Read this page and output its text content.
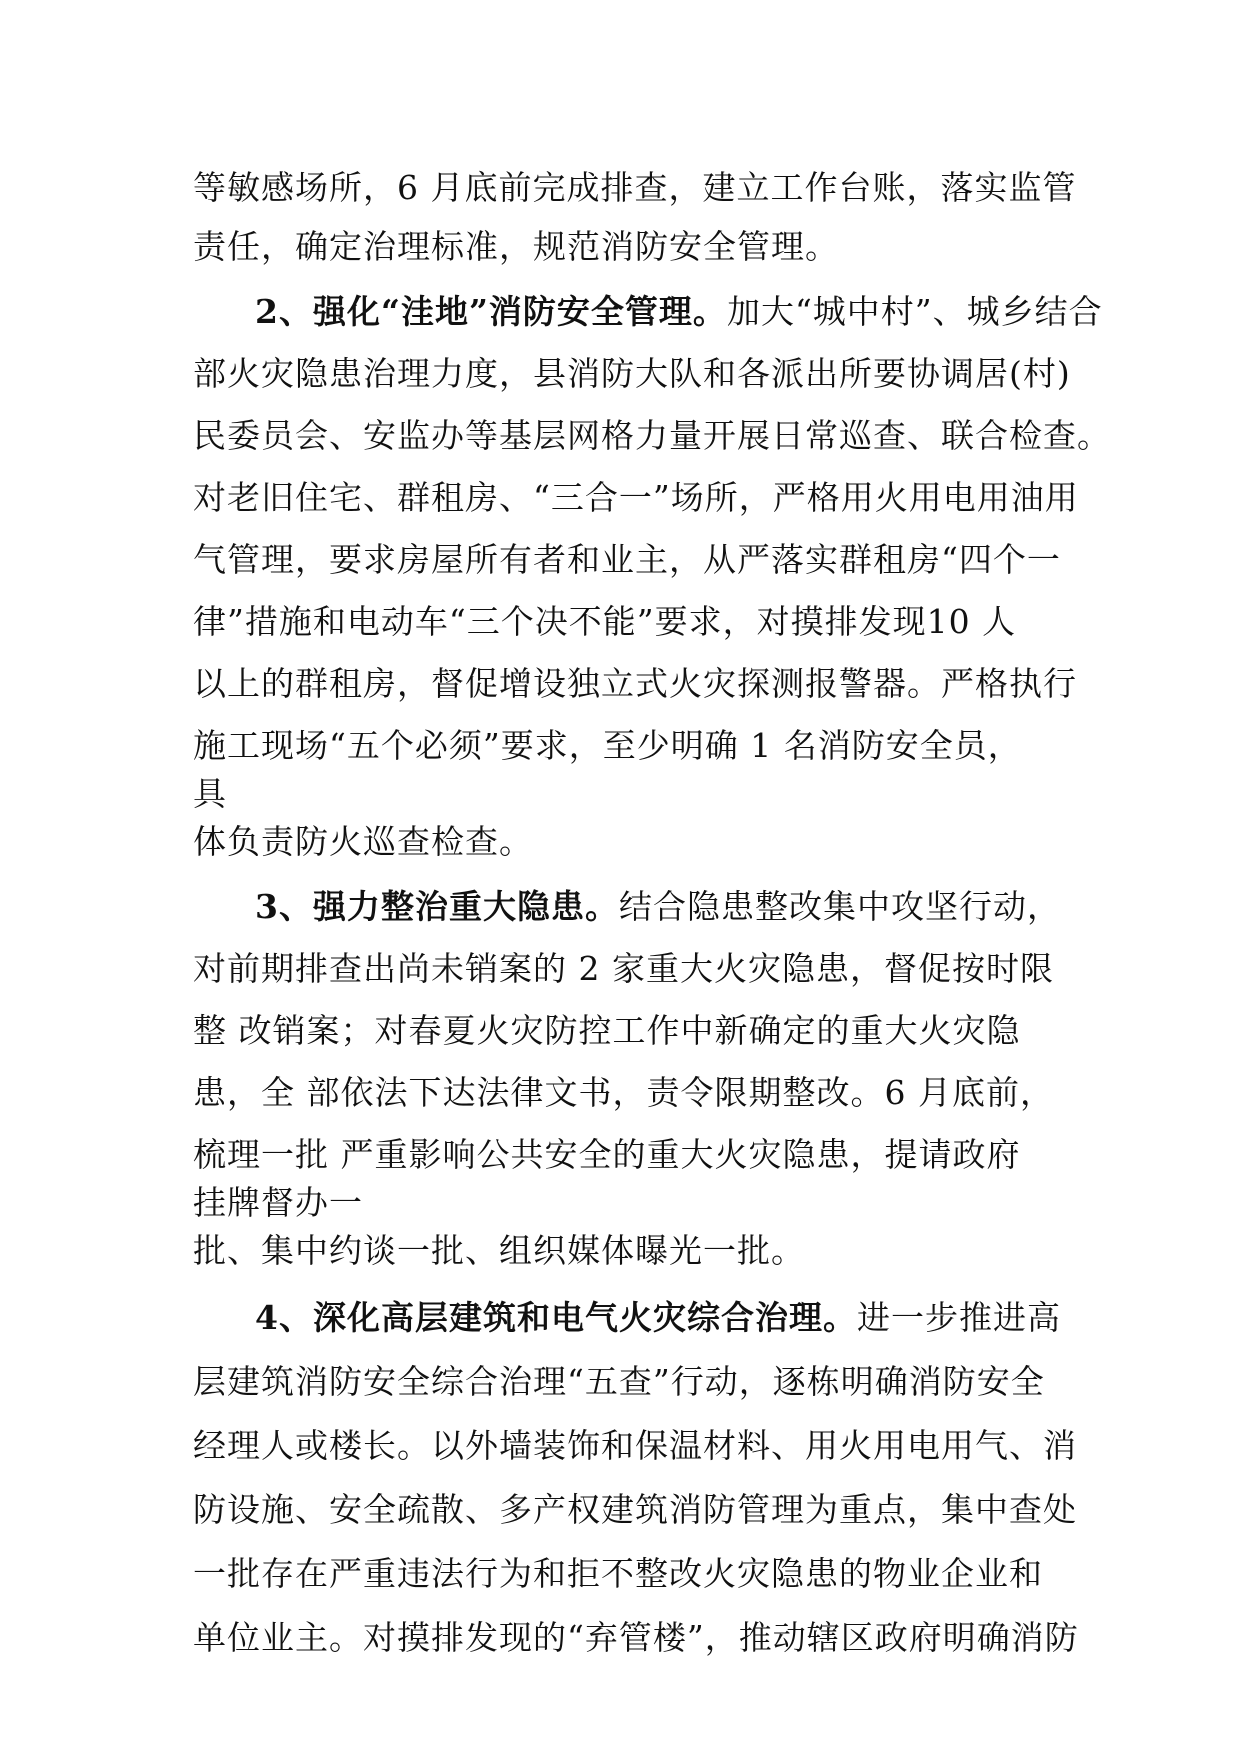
等敏感场所，6 月底前完成排查，建立工作台账，落实监管
责任，确定治理标准，规范消防安全管理。
2、强化“洼地”消防安全管理。加大“城中村”、城乡结合
部火灾隐患治理力度，县消防大队和各派出所要协调居(村)
民委员会、安监办等基层网格力量开展日常巡查、联合检查。
对老旧住宅、群租房、“三合一”场所，严格用火用电用油用
气管理，要求房屋所有者和业主，从严落实群租房“四个一
律”措施和电动车“三个决不能”要求，对摸排发现10 人
以上的群租房，督促增设独立式火灾探测报警器。严格执行
施工现场“五个必须”要求，至少明确 1 名消防安全员，
具
体负责防火巡查检查。
3、强力整治重大隐患。结合隐患整改集中攻坚行动，
对前期排查出尚未销案的 2 家重大火灾隐患，督促按时限
整 改销案；对春夏火灾防控工作中新确定的重大火灾隐
患，全 部依法下达法律文书，责令限期整改。6 月底前，
梳理一批 严重影响公共安全的重大火灾隐患，提请政府
挂牌督办一
批、集中约谈一批、组织媒体曝光一批。
4、深化高层建筑和电气火灾综合治理。进一步推进高
层建筑消防安全综合治理“五查”行动，逐栋明确消防安全
经理人或楼长。以外墙装饰和保温材料、用火用电用气、消
防设施、安全疏散、多产权建筑消防管理为重点，集中查处
一批存在严重违法行为和拒不整改火灾隐患的物业企业和
单位业主。对摸排发现的“弃管楼”，推动辖区政府明确消防
